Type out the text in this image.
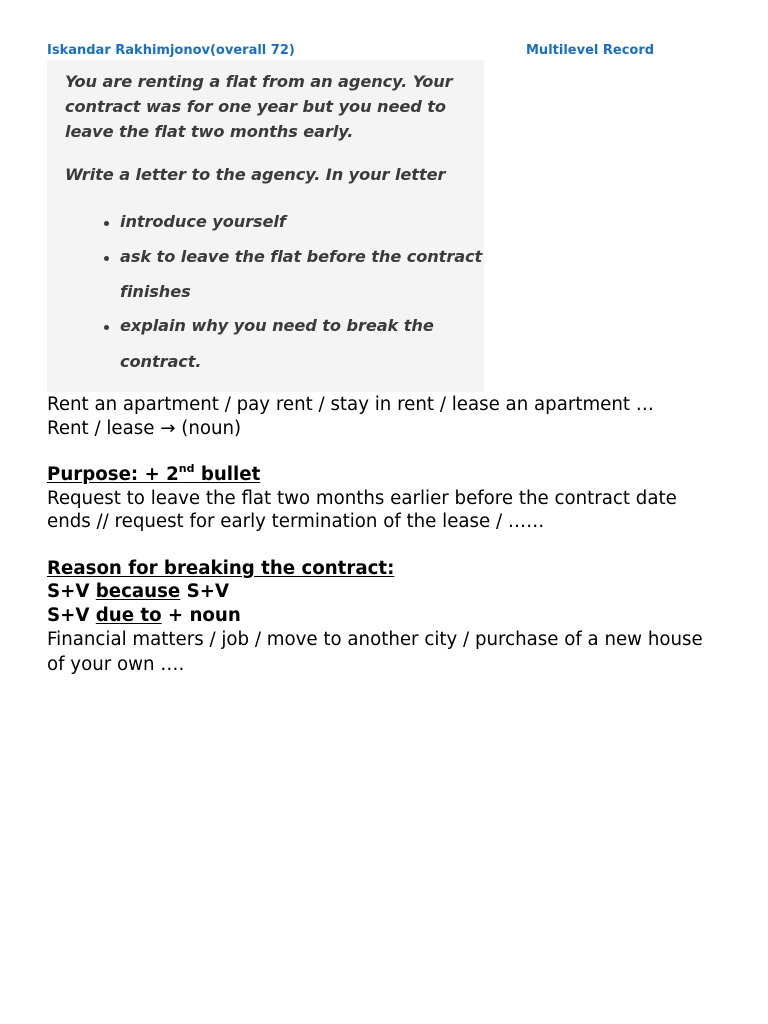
Iskandar Rakhimjonov(overall 72)	Multilevel Record
You are renting a flat from an agency. Your
contract was for one year but you need to
leave the flat two months early.
Write a letter to the agency. In your letter
introduce yourself
ask to leave the flat before the contract
finishes
explain why you need to break the
contract.
Rent an apartment / pay rent / stay in rent / lease an apartment …
Rent / lease → (noun)
Purpose: + 2nd bullet
Request to leave the flat two months earlier before the contract date
ends // request for early termination of the lease / ……
Reason for breaking the contract:
S+V because S+V
S+V due to + noun
Financial matters / job / move to another city / purchase of a new house
of your own ….
